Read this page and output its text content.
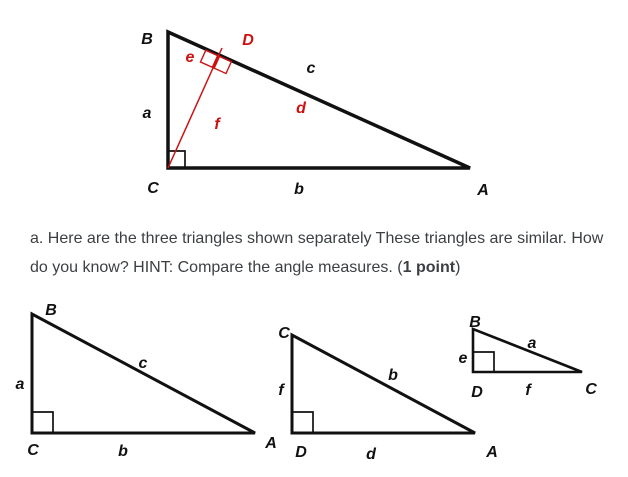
B	D
e
c
a
f
d
C	b	A
B
a
c
C	b	A
C
f
b
D	d	A
B
e
a
D	f	C
a. Here are the three triangles shown separately These triangles are similar. How
do you know? HINT: Compare the angle measures. (1 point)
